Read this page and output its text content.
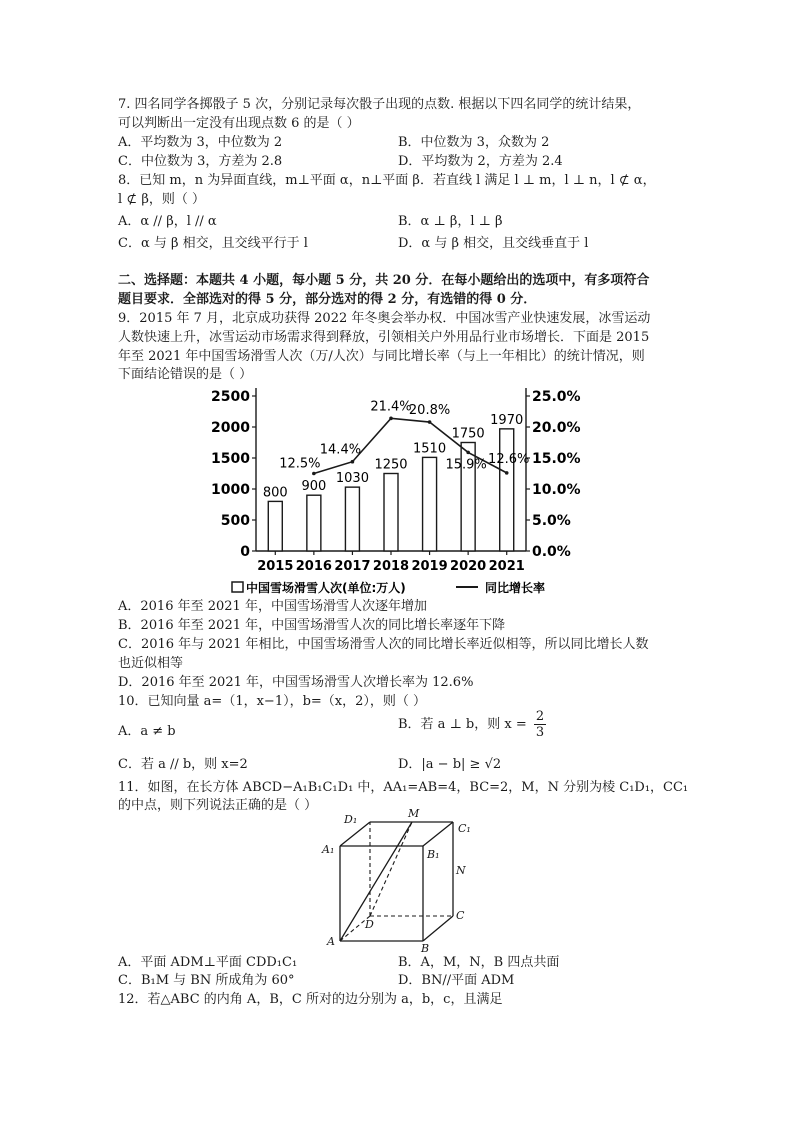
7. 四名同学各掷骰子 5 次，分别记录每次骰子出现的点数. 根据以下四名同学的统计结果，
可以判断出一定没有出现点数 6 的是（ ）
A．平均数为 3，中位数为 2	B．中位数为 3，众数为 2
C．中位数为 3，方差为 2.8	D．平均数为 2，方差为 2.4
8．已知 m，n 为异面直线，m⊥平面 α，n⊥平面 β．若直线 l 满足 l ⊥ m，l ⊥ n，l ⊄ α，
l ⊄ β，则（ ）
A．α // β，l // α	B．α ⊥ β，l ⊥ β
C．α 与 β 相交，且交线平行于 l	D．α 与 β 相交，且交线垂直于 l
二、选择题：本题共 4 小题，每小题 5 分，共 20 分．在每小题给出的选项中，有多项符合
题目要求．全部选对的得 5 分，部分选对的得 2 分，有选错的得 0 分．
9．2015 年 7 月，北京成功获得 2022 年冬奥会举办权．中国冰雪产业快速发展，冰雪运动
人数快速上升，冰雪运动市场需求得到释放，引领相关户外用品行业市场增长．下面是 2015
年至 2021 年中国雪场滑雪人次（万/人次）与同比增长率（与上一年相比）的统计情况，则
下面结论错误的是（ ）
0
500
1000
1500
2000
2500
0.0%
5.0%
10.0%
15.0%
20.0%
25.0%
2015
800
2016
900
2017
1030
2018
1250
2019
1510
2020
1750
2021
1970
12.5%
14.4%
21.4%
20.8%
15.9% 12.6%
中国雪场滑雪人次(单位:万人)	同比增长率
A．2016 年至 2021 年，中国雪场滑雪人次逐年增加
B．2016 年至 2021 年，中国雪场滑雪人次的同比增长率逐年下降
C．2016 年与 2021 年相比，中国雪场滑雪人次的同比增长率近似相等，所以同比增长人数
也近似相等
D．2016 年至 2021 年，中国雪场滑雪人次增长率为 12.6%
10．已知向量 a=（1，x−1），b=（x，2），则（ ）
A．a ≠ b	B．若 a ⊥ b，则 $x = \frac{2}{3}$
C．若 a // b，则 x=2	D．|a − b| ≥ √2
11．如图，在长方体 ABCD−A₁B₁C₁D₁ 中，AA₁=AB=4，BC=2，M，N 分别为棱 C₁D₁，CC₁
的中点，则下列说法正确的是（ ）
D₁	M
C₁
A₁	B₁
N
D
C
A
B
A．平面 ADM⊥平面 CDD₁C₁	B．A，M，N，B 四点共面
C．B₁M 与 BN 所成角为 60°	D．BN//平面 ADM
12．若△ABC 的内角 A，B，C 所对的边分别为 a，b，c，且满足
